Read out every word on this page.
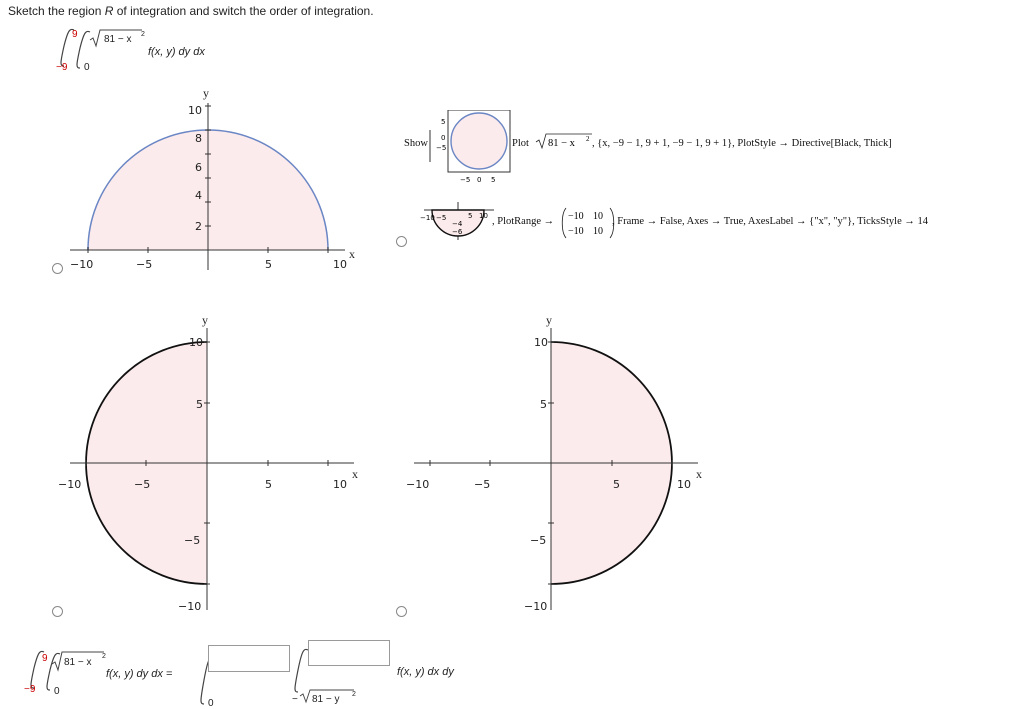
Sketch the region R of integration and switch the order of integration.
9
−9 0
81 − x 2
f(x, y) dy dx
−10	−5	5	10
2
4
6
8
10
x
y
Show
5
0
−5
−5 0 5
Plot 81 − x 2 , {x, −9 − 1, 9 + 1, −9 − 1, 9 + 1}, PlotStyle → Directive[Black, Thick]
−10 −5	5 10
−4
−6
, PlotRange → −10 10
−10 10
, Frame → False, Axes → True, AxesLabel → {"x", "y"}, TicksStyle → 14
−10	−5	5	10
10
5
−5
−10
x
y
−10	−5	5	10
10
5
−5
−10
x
y
9
−9 0
81 − x
2
f(x, y) dy dx =
0	− 81 − y 2
f(x, y) dx dy
